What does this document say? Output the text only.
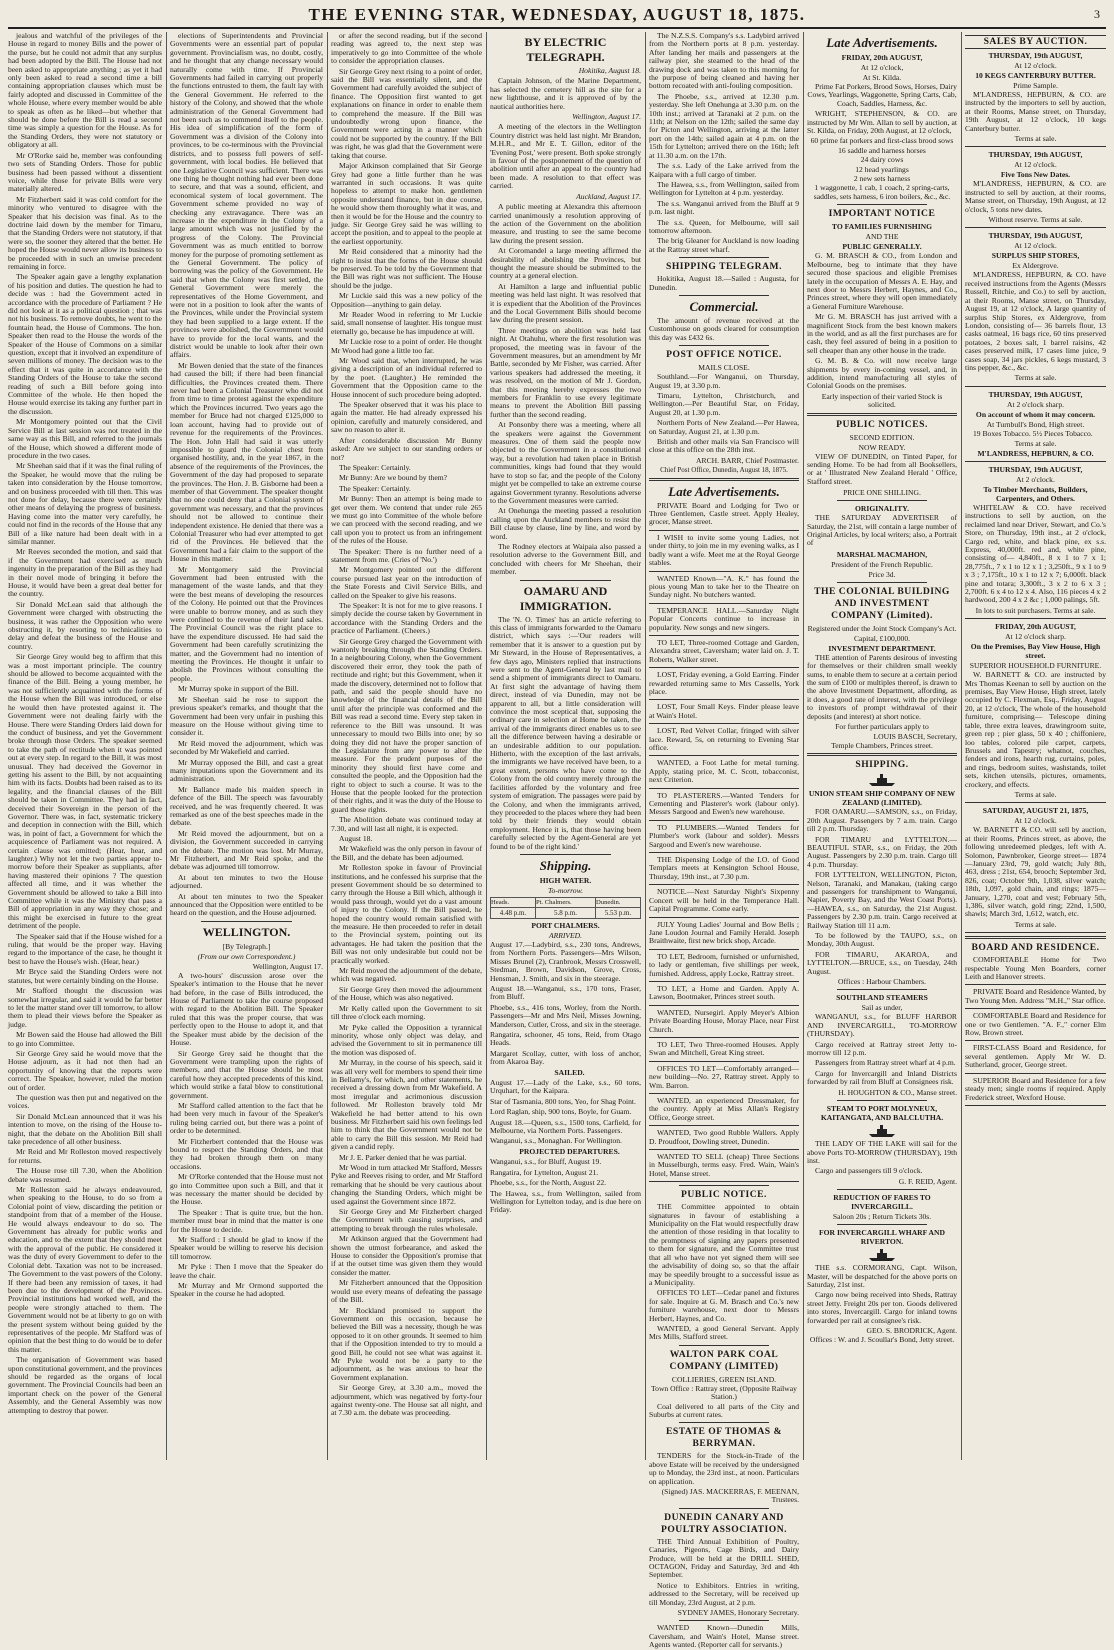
THE EVENING STAR, WEDNESDAY, AUGUST 18, 1875.	3

jealous and watchful of the privileges of the House in regard to money Bills and the power of the purse, but he could not admit that any surplus had been adopted by the Bill. The House had not been asked to appropriate anything ; as yet it had only been asked to read a second time a bill containing appropriation clauses which must be fairly adopted and discussed in Committee of the whole House, where every member would be able to speak as often as he liked—but whether that should be done before the Bill is read a second time was simply a question for the House. As for the Standing Orders, they were not statutory or obligatory at all.

Mr O'Rorke said he, member was confounding two sets of Standing Orders. Those for public business had been passed without a dissentient voice, while those for private Bills were very materially altered.

Mr Fitzherbert said it was cold comfort for the minority who ventured to disagree with the Speaker that his decision was final. As to the doctrine laid down by the member for Timaru, that the Standing Orders were not statutory, if that were so, the sooner they altered that the better. He hoped the House would never allow its business to be proceeded with in such an unwise precedent remaining in force.

The Speaker again gave a lengthy explanation of his position and duties. The question he had to decide was : had the Government acted in accordance with the procedure of Parliament ? He did not look at it as a political question ; that was not his business. To remove doubts, he went to the fountain head, the House of Commons. The hon. Speaker then read to the House the words of the Speaker of the House of Commons on a similar question, except that it involved an expenditure of seven millions of money. The decision was to the effect that it was quite in accordance with the Standing Orders of the House to take the second reading of such a Bill before going into Committee of the whole. He then hoped the House would exercise its taking any further part in the discussion.

Mr Montgomery pointed out that the Civil Service Bill at last session was not treated in the same way as this Bill, and referred to the journals of the House, which showed a different mode of procedure in the two cases.

Mr Sheehan said that if it was the final ruling of the Speaker, he would move that the ruling be taken into consideration by the House tomorrow, and on business proceeded with till then. This was not done for delay, because there were certainly other means of delaying the progress of business. Having come into the matter very carefully, he could not find in the records of the House that any Bill of a like nature had been dealt with in a similar manner.

Mr Reeves seconded the motion, and said that if the Government had exercised as much ingenuity in the preparation of the Bill as they had in their novel mode of bringing it before the House, it would have been a great deal better for the country.

Sir Donald McLean said that although the Government were charged with obstructing the business, it was rather the Opposition who were obstructing it, by resorting to technicalities to delay and defeat the business of the House and country.

Sir George Grey would beg to affirm that this was a most important principle. The country should be allowed to become acquainted with the finance of the Bill. Being a young member, he was not sufficiently acquainted with the forms of the House when the Bill was introduced, or else he would then have protested against it. The Government were not dealing fairly with the House. There were Standing Orders laid down for the conduct of business, and yet the Government broke through those Orders. The speaker seemed to take the path of rectitude when it was pointed out at every step. In regard to the Bill, it was most unusual. They had deceived the Governor in getting his assent to the Bill, by not acquainting him with its facts. Doubts had been raised as to its legality, and the financial clauses of the Bill should be taken in Committee. They had in fact, deceived their Sovereign in the person of the Governor. There was, in fact, systematic trickery and deception in connection with the Bill, which was, in point of fact, a Government for which the acquiescence of Parliament was not required. A certain clause was omitted; (Hear, hear, and laughter.) Why not let the two parties appear to-morrow before their Speaker as suppliants, after having mastered their opinions ? The question affected all time, and it was whether the Government should be allowed to take a Bill into Committee while it was the Ministry that pass a Bill of appropriation in any way they chose; and this might be exercised in future to the great detriment of the people.

The Speaker said that if the House wished for a ruling, that would be the proper way. Having regard to the importance of the case, he thought it best to have the House's wish. (Hear, hear.)

Mr Bryce said the Standing Orders were not statutes, but were certainly binding on the House.

Mr Stafford thought the discussion was somewhat irregular, and said it would be far better to let the matter stand over till tomorrow, to allow them to plead their views before the Speaker as judge.

Mr Bowen said the House had allowed the Bill to go into Committee.

Sir George Grey said he would move that the House adjourn, as it had not then had an opportunity of knowing that the reports were correct. The Speaker, however, ruled the motion out of order.

The question was then put and negatived on the voices.

Sir Donald McLean announced that it was his intention to move, on the rising of the House to-night, that the debate on the Abolition Bill shall take precedence of all other business.

Mr Reid and Mr Rolleston moved respectively for returns.

The House rose till 7.30, when the Abolition debate was resumed.

Mr Rolleston said he always endeavoured, when speaking to the House, to do so from a Colonial point of view, discarding the petition or standpoint from that of a member of the House. He would always endeavour to do so. The Government has already for public works and education, and to the extent that they should meet with the approval of the public. He considered it was the duty of every Government to defer to the Colonial debt. Taxation was not to be increased. The Government to the vast powers of the Colony. If there had been any remission of taxes, it had been due to the development of the Provinces. Provincial institutions had worked well, and the people were strongly attached to them. The Government would not be at liberty to go on with the present system without being guided by the representatives of the people. Mr Stafford was of opinion that the best thing to do would be to defer this matter.

The organisation of Government was based upon constitutional government, and the provinces should be regarded as the organs of local government. The Provincial Councils had been an important check on the power of the General Assembly, and the General Assembly was now attempting to destroy that power.

elections of Superintendents and Provincial Governments were an essential part of popular government. Provincialism was, no doubt, costly, and he thought that any change necessary would naturally come with time. If Provincial Governments had failed in carrying out properly the functions entrusted to them, the fault lay with the General Government. He referred to the history of the Colony, and showed that the whole administration of the General Government had not been such as to commend itself to the people. His idea of simplification of the form of Government was a division of the Colony into provinces, to be co-terminous with the Provincial districts, and to possess full powers of self-government, with local bodies. He believed that one Legislative Council was sufficient. There was one thing he thought nothing had ever been done to secure, and that was a sound, efficient, and economical system of local government. The Government scheme provided no way of checking any extravagance. There was an increase in the expenditure in the Colony of a large amount which was not justified by the progress of the Colony. The Provincial Government was as much entitled to borrow money for the purpose of promoting settlement as the General Government. The policy of borrowing was the policy of the Government. He said that when the Colony was first settled, the General Government were merely the representatives of the Home Government, and were not in a position to look after the wants of the Provinces, while under the Provincial system they had been supplied to a large extent. If the provinces were abolished, the Government would have to provide for the local wants, and the district would be unable to look after their own affairs.

Mr Bowen denied that the state of the finances had caused the bill; if there had been financial difficulties, the Provinces created them. There never had been a Colonial Treasurer who did not from time to time protest against the expenditure which the Provinces incurred. Two years ago the member for Bruce had not charged £125,000 to loan account, having had to provide out of revenue for the requirements of the Provinces. The Hon. John Hall had said it was utterly impossible to guard the Colonial chest from organised hostility, and, in the year 1867, in the absence of the requirements of the Provinces, the Government of the day had proposed to separate the provinces. The Hon. J. B. Gisborne had been a member of that Government. The speaker thought that no one could deny that a Colonial system of government was necessary, and that the provinces should not be allowed to continue their independent existence. He denied that there was a Colonial Treasurer who had ever attempted to get rid of the Provinces. He believed that the Government had a fair claim to the support of the House in this matter.

Mr Montgomery said the Provincial Government had been entrusted with the management of the waste lands, and that they were the best means of developing the resources of the Colony. He pointed out that the Provinces were unable to borrow money, and as such they were confined to the revenue of their land sales. The Provincial Council was the right place to have the expenditure discussed. He had said the Government had been carefully scrutinizing the matter, and the Government had no intention of meeting the Provinces. He thought it unfair to abolish the Provinces without consulting the people.

Mr Murray spoke in support of the Bill.

Mr Sheehan said he rose to support the previous speaker's remarks, and thought that the Government had been very unfair in pushing this measure on the House without giving time to consider it.

Mr Reid moved the adjournment, which was seconded by Mr Wakefield and carried.

Mr Murray opposed the Bill, and cast a great many imputations upon the Government and its administration.

Mr Ballance made his maiden speech in defence of the Bill. The speech was favourably received, and he was frequently cheered. It was remarked as one of the best speeches made in the debate.

Mr Reid moved the adjournment, but on a division, the Government succeeded in carrying on the debate. The motion was lost. Mr Murray, Mr Fitzherbert, and Mr Reid spoke, and the debate was adjourned till tomorrow.

At about ten minutes to two the House adjourned.

At about ten minutes to two the Speaker announced that the Opposition were entitled to be heard on the question, and the House adjourned.

WELLINGTON.
[By Telegraph.]
(From our own Correspondent.)
Wellington, August 17.

A two-hours' discussion arose over the Speaker's intimation to the House that he never had before, in the case of Bills introduced, the House of Parliament to take the course proposed with regard to the Abolition Bill. The Speaker ruled that this was the proper course, that was perfectly open to the House to adopt it, and that the Speaker must abide by the decision of the House.

Sir George Grey said he thought that the Government were trampling upon the rights of members, and that the House should be most careful how they accepted precedents of this kind, which would strike a fatal blow to constitutional government.

Mr Stafford called attention to the fact that he had been very much in favour of the Speaker's ruling being carried out, but there was a point of order to be determined.

Mr Fitzherbert contended that the House was bound to respect the Standing Orders, and that they had broken through them on many occasions.

Mr O'Rorke contended that the House must not go into Committee upon such a Bill, and that it was necessary the matter should be decided by the House.

The Speaker : That is quite true, but the hon. member must bear in mind that the matter is one for the House to decide.

Mr Stafford : I should be glad to know if the Speaker would be willing to reserve his decision till tomorrow.

Mr Pyke : Then I move that the Speaker do leave the chair.

Mr Murray and Mr Ormond supported the Speaker in the course he had adopted.

or after the second reading, but if the second reading was agreed to, the next step was imperatively to go into Committee of the whole to consider the appropriation clauses.

Sir George Grey next rising to a point of order, said the Bill was essentially silent, and the Government had carefully avoided the subject of finance. The Opposition first wanted to get explanations on finance in order to enable them to comprehend the measure. If the Bill was undoubtedly wrong upon finance, the Government were acting in a manner which could not be supported by the country. If the Bill was right, he was glad that the Government were taking that course.

Major Atkinson complained that Sir George Grey had gone a little further than he was warranted in such occasions. It was quite hopeless to attempt to make hon. gentlemen opposite understand finance, but in due course, he would show them thoroughly what it was, and then it would be for the House and the country to judge. Sir George Grey said he was willing to accept the position, and to appeal to the people at the earliest opportunity.

Mr Reid considered that a minority had the right to insist that the forms of the House should be preserved. To be told by the Government that the Bill was right was not sufficient. The House should be the judge.

Mr Luckie said this was a new policy of the Opposition—anything to gain delay.

Mr Reader Wood in referring to Mr Luckie said, small nonsense of laughter. His tongue must eternally go, because he has impudence at will.

Mr Luckie rose to a point of order. He thought Mr Wood had gone a little too far.

Mr Wood said that, when interrupted, he was giving a description of an individual referred to by the poet. (Laughter.) He reminded the Government that the Opposition came to the House innocent of such procedure being adopted.

The Speaker observed that it was his place to again the matter. He had already expressed his opinion, carefully and maturely considered, and saw no reason to alter it.

After considerable discussion Mr Bunny asked: Are we subject to our standing orders or not?

The Speaker: Certainly.

Mr Bunny: Are we bound by them?

The Speaker: Certainly.

Mr Bunny: Then an attempt is being made to get over them. We contend that under rule 265 we must go into Committee of the whole before we can proceed with the second reading, and we call upon you to protect us from an infringement of the rules of the House.

The Speaker: There is no further need of a statement from me. (Cries of 'No.')

Mr Montgomery pointed out the different course pursued last year on the introduction of the State Forests and Civil Service Bills, and called on the Speaker to give his reasons.

The Speaker: It is not for me to give reasons. I simply decide the course taken by Government in accordance with the Standing Orders and the practice of Parliament. (Cheers.)

Sir George Grey charged the Government with wantonly breaking through the Standing Orders. In a neighbouring Colony, when the Government discovered their error, they took the path of rectitude and right; but this Government, when it made the discovery, determined not to follow that path, and said the people should have no knowledge of the financial details of the Bill until after the principle was conformed and the Bill was read a second time. Every step taken in reference to the Bill was unsound. It was unnecessary to mould two Bills into one; by so doing they did not have the proper sanction of the Legislature from any power to alter the measure. For the prudent purposes of the minority they should first have come and consulted the people, and the Opposition had the right to object to such a course. It was to the House that the people looked for the protection of their rights, and it was the duty of the House to guard those rights.

The Abolition debate was continued today at 7.30, and will last all night, it is expected.

August 18.

Mr Wakefield was the only person in favour of the Bill, and the debate has been adjourned.

Mr Rolleston spoke in favour of Provincial institutions, and he confessed his surprise that the present Government should be so determined to carry through the House a Bill which, although it would pass through, would yet do a vast amount of injury to the Colony. If the Bill passed, he hoped the country would remain satisfied with the measure. He then proceeded to refer in detail to the Provincial system, pointing out its advantages. He had taken the position that the Bill was not only undesirable but could not be practically worked.

Mr Reid moved the adjournment of the debate, which was negatived.

Sir George Grey then moved the adjournment of the House, which was also negatived.

Mr Kelly called upon the Government to sit till three o'clock each morning.

Mr Pyke called the Opposition a tyrannical minority, whose only object was delay, and advised the Government to sit in permanence till the motion was disposed of.

Mr Murray, in the course of his speech, said it was all very well for members to spend their time in Bellamy's, for which, and other statements, he received a dressing down from Mr Wakefield. A most irregular and acrimonious discussion followed. Mr Rolleston bravely told Mr Wakefield he had better attend to his own business. Mr Fitzherbert said his own feelings led him to think that the Government would not be able to carry the Bill this session. Mr Reid had given a candid reply.

Mr J. E. Parker denied that he was partial.

Mr Wood in turn attacked Mr Stafford, Messrs Pyke and Reeves rising to order, and Mr Stafford remarking that he should be very cautious about changing the Standing Orders, which might be used against the Government since 1872.

Sir George Grey and Mr Fitzherbert charged the Government with causing surprises, and attempting to break through the rules wholesale.

Mr Atkinson argued that the Government had shown the utmost forbearance, and asked the House to consider the Opposition's promise that if at the outset time was given them they would consider the matter.

Mr Fitzherbert announced that the Opposition would use every means of defeating the passage of the Bill.

Mr Rockland promised to support the Government on this occasion, because he believed the Bill was a necessity, though he was opposed to it on other grounds. It seemed to him that if the Opposition intended to try to mould a good Bill, he could not see what was against it. Mr Pyke would not be a party to the adjournment, as he was anxious to hear the Government explanation.

Sir George Grey, at 3.30 a.m., moved the adjournment, which was negatived by forty-four against twenty-one. The House sat all night, and at 7.30 a.m. the debate was proceeding.

BY ELECTRIC TELEGRAPH.

Hokitika, August 18.

Captain Johnson, of the Marine Department, has selected the cemetery hill as the site for a new lighthouse, and it is approved of by the nautical authorities here.

Wellington, August 17.

A meeting of the electors in the Wellington Country district was held last night. Mr Brandon, M.H.R., and Mr E. T. Gillon, editor of the 'Evening Post,' were present. Both spoke strongly in favour of the postponement of the question of abolition until after an appeal to the country had been made. A resolution to that effect was carried.

Auckland, August 17.

A public meeting at Alexandra this afternoon carried unanimously a resolution approving of the action of the Government on the abolition measure, and trusting to see the same become law during the present session.

At Coromandel a large meeting affirmed the desirability of abolishing the Provinces, but thought the measure should be submitted to the country at a general election.

At Hamilton a large and influential public meeting was held last night. It was resolved that it is expedient that the Abolition of the Provinces and the Local Government Bills should become law during the present session.

Three meetings on abolition was held last night. At Otahuhu, where the first resolution was proposed, the meeting was in favour of the Government measures, but an amendment by Mr Battle, seconded by Mr Fisher, was carried. After various speakers had addressed the meeting, it was resolved, on the motion of Mr J. Gordon, that this meeting hereby expresses the two members for Franklin to use every legitimate means to prevent the Abolition Bill passing further than the second reading.

At Ponsonby there was a meeting, where all the speakers were against the Government measures. One of them said the people now objected to the Government in a constitutional way, but a revolution had taken place in British communities, kings had found that they would have to stop so far, and the people of the Colony might yet be compelled to take an extreme course against Government tyranny. Resolutions adverse to the Government measures were carried.

At Onehunga the meeting passed a resolution calling upon the Auckland members to resist the Bill clause by clause, line by line, and word by word.

The Rodney electors at Waipaia also passed a resolution adverse to the Government Bill, and concluded with cheers for Mr Sheehan, their member.

OAMARU AND IMMIGRATION.

The 'N. O. Times' has an article referring to this class of immigrants forwarded to the Oamaru district, which says :—'Our readers will remember that it is answer to a question put by Mr Steward, in the House of Representatives, a few days ago, Ministers replied that instructions were sent to the Agent-General by last mail to send a shipment of immigrants direct to Oamaru. At first sight the advantage of having them direct, instead of via Dunedin, may not be apparent to all, but a little consideration will convince the most sceptical that, supposing the ordinary care in selection at Home be taken, the arrival of the immigrants direct enables us to see all the difference between having a desirable or an undesirable addition to our population. Hitherto, with the exception of the last arrivals, the immigrants we have received have been, to a great extent, persons who have come to the Colony from the old country merely through the facilities afforded by the voluntary and free system of emigration. The passages were paid by the Colony, and when the immigrants arrived, they proceeded to the places where they had been told by their friends they would obtain employment. Hence it is, that those having been carefully selected by the Agent-General are yet found to be of the right kind.'

Shipping.
HIGH WATER.
To-morrow.
Heads.	Pt. Chalmers.	Dunedin.
4.48 p.m.	5.8 p.m.	5.53 p.m.
PORT CHALMERS.
ARRIVED.

August 17.—Ladybird, s.s., 230 tons, Andrews, from Northern Ports. Passengers—Mrs Wilson, Misses Brunel (2), Cranbrook, Messrs Crosswell, Stedman, Brown, Davidson, Grove, Cross, Hensman, J. Smith, and six in the steerage.

August 18.—Wanganui, s.s., 170 tons, Fraser, from Bluff.

Phoebe, s.s., 416 tons, Worley, from the North. Passengers—Mr and Mrs Neil, Misses Jowning, Manderson, Cutler, Cross, and six in the steerage.

Rangatira, schooner, 45 tons, Reid, from Otago Heads.

Margaret Scollay, cutter, with loss of anchor, from Akaroa Bay.

SAILED.

August 17.—Lady of the Lake, s.s., 60 tons, Urquhart, for the Kaipara.

Star of Tasmania, 800 tons, Yeo, for Shag Point.

Lord Raglan, ship, 900 tons, Boyle, for Guam.

August 18.—Queen, s.s., 1500 tons, Carfield, for Melbourne, via Northern Ports. Passengers.

Wanganui, s.s., Monaghan. For Wellington.

PROJECTED DEPARTURES.

Wanganui, s.s., for Bluff, August 19.

Rangatira, for Lyttelton, August 21.

Phoebe, s.s., for the North, August 22.

The Hawea, s.s., from Wellington, sailed from Wellington for Lyttelton today, and is due here on Friday.

The N.Z.S.S. Company's s.s. Ladybird arrived from the Northern ports at 8 p.m. yesterday. After landing her mails and passengers at the railway pier, she steamed to the head of the drawing dock and was taken to this morning for the purpose of being cleaned and having her bottom recoated with anti-fouling composition.

The Phoebe, s.s., arrived at 12.30 p.m. yesterday. She left Onehunga at 3.30 p.m. on the 10th inst.; arrived at Taranaki at 2 p.m. on the 11th; at Nelson on the 12th; sailed the same day for Picton and Wellington, arriving at the latter port on the 14th; sailed again at 4 p.m. on the 15th for Lyttelton; arrived there on the 16th; left at 11.30 a.m. on the 17th.

The s.s. Lady of the Lake arrived from the Kaipara with a full cargo of timber.

The Hawea, s.s., from Wellington, sailed from Wellington for Lyttelton at 4 p.m. yesterday.

The s.s. Wanganui arrived from the Bluff at 9 p.m. last night.

The s.s. Queen, for Melbourne, will sail tomorrow afternoon.

The brig Gleaner for Auckland is now loading at the Rattray street wharf.

SHIPPING TELEGRAM.

Hokitika, August 18.—Sailed : Augusta, for Dunedin.

Commercial.

The amount of revenue received at the Customhouse on goods cleared for consumption this day was £432 6s.

POST OFFICE NOTICE.
MAILS CLOSE.

Southland.—For Wanganui, on Thursday, August 19, at 3.30 p.m.

Timaru, Lyttelton, Christchurch, and Wellington.—Per Beautiful Star, on Friday, August 20, at 1.30 p.m.

Northern Ports of New Zealand.—Per Hawea, on Saturday, August 21, at 1.30 p.m.

British and other mails via San Francisco will close at this office on the 28th inst.

ARCH. BARR, Chief Postmaster.
Chief Post Office, Dunedin, August 18, 1875.
Late Advertisements.

PRIVATE Board and Lodging for Two or Three Gentlemen, Castle street. Apply Healey, grocer, Manse street.

I WISH to invite some young Ladies, not under thirty, to join me in my evening walks, as I badly want a wife. Meet me at the Royal George stables.

WANTED Known—"A. K." has found the pious young Man to take her to the Theatre on Sunday night. No butchers wanted.

TEMPERANCE HALL.—Saturday Night Popular Concerts continue to increase in popularity. New songs and new singers.

TO LET, Three-roomed Cottage and Garden, Alexandra street, Caversham; water laid on. J. T. Roberts, Walker street.

LOST, Friday evening, a Gold Earring. Finder rewarded returning same to Mrs Cassells, York place.

LOST, Four Small Keys. Finder please leave at Wain's Hotel.

LOST, Red Velvet Collar, fringed with silver lace. Reward, 5s, on returning to Evening Star office.

WANTED, a Foot Lathe for metal turning. Apply, stating price, M. C. Scott, tobacconist, next Criterion.

TO PLASTERERS.—Wanted Tenders for Cementing and Plasterer's work (labour only). Messrs Sargood and Ewen's new warehouse.

TO PLUMBERS.—Wanted Tenders for Plumber's work (labour and solder). Messrs Sargood and Ewen's new warehouse.

THE Dispensing Lodge of the I.O. of Good Templars meets at Kensington School House, Thursday, 19th inst., at 7.30 p.m.

NOTICE.—Next Saturday Night's Sixpenny Concert will be held in the Temperance Hall. Capital Programme. Come early.

JULY Young Ladies' Journal and Bow Bells ; Jane Loudon Journal and Family Herald. Joseph Braithwaite, first new brick shop, Arcade.

TO LET, Bedroom, furnished or unfurnished, to lady or gentleman, five shillings per week, furnished. Address, apply Locke, Rattray street.

TO LET, a Home and Garden. Apply A. Lawson, Bootmaker, Princes street south.

WANTED, Nursegirl. Apply Meyer's Albion Private Boarding House, Moray Place, near First Church.

TO LET, Two Three-roomed Houses. Apply Swan and Mitchell, Great King street.

OFFICES TO LET—Comfortably arranged—new building—No. 27, Rattray street. Apply to Wm. Barron.

WANTED, an experienced Dressmaker, for the country. Apply at Miss Allan's Registry Office, George street.

WANTED, Two good Rubble Wallers. Apply D. Proudfoot, Dowling street, Dunedin.

WANTED TO SELL (cheap) Three Sections in Musselburgh, terms easy. Fred. Wain, Wain's Hotel, Manse street.

PUBLIC NOTICE.

THE Committee appointed to obtain signatures in favour of establishing a Municipality on the Flat would respectfully draw the attention of those residing in that locality to the promptness of signing any papers presented to them for signature, and the Committee trust that all who have not yet signed them will see the advisability of doing so, so that the affair may be speedily brought to a successful issue as a Municipality.

OFFICES TO LET—Cedar panel and fixtures for sale. Inquire at G. M. Brasch and Co.'s new furniture warehouse, next door to Messrs Herbert, Haynes, and Co.

WANTED, a good General Servant. Apply Mrs Mills, Stafford street.

WALTON PARK COAL COMPANY (LIMITED)
COLLIERIES, GREEN ISLAND.
Town Office : Rattray street, (Opposite Railway Station.)

Coal delivered to all parts of the City and Suburbs at current rates.

ESTATE OF THOMAS & BERRYMAN.

TENDERS for the Stock-in-Trade of the above Estate will be received by the undersigned up to Monday, the 23rd inst., at noon. Particulars on application.

(Signed) JAS. MACKERRAS, F. MEENAN, Trustees.
DUNEDIN CANARY AND POULTRY ASSOCIATION.

THE Third Annual Exhibition of Poultry, Canaries, Pigeons, Cage Birds, and Dairy Produce, will be held at the DRILL SHED, OCTAGON, Friday and Saturday, 3rd and 4th September.

Notice to Exhibitors. Entries in writing, addressed to the Secretary, will be received up till Monday, 23rd August, at 2 p.m.

SYDNEY JAMES, Honorary Secretary.

WANTED Known—Dunedin Mills, Caversham, and Wain's Hotel, Manse street. Agents wanted. (Reporter call for servants.)

Late Advertisements.
FRIDAY, 20th AUGUST,
At 12 o'clock,
At St. Kilda.

Prime Fat Porkers, Brood Sows, Horses, Dairy Cows, Yearlings, Waggonette, Spring Carts, Cab, Coach, Saddles, Harness, &c.

WRIGHT, STEPHENSON, & CO. are instructed by Mr Wm. Allan to sell by auction, at St. Kilda, on Friday, 20th August, at 12 o'clock,

60 prime fat porkers and first-class brood sows
16 saddle and harness horses
24 dairy cows
12 head yearlings
2 new sets harness
1 waggonette, 1 cab, 1 coach, 2 spring-carts, saddles, sets harness, 6 iron boilers, &c., &c.
IMPORTANT NOTICE
TO FAMILIES FURNISHING
AND THE
PUBLIC GENERALLY.

G. M. BRASCH & CO., from London and Melbourne, beg to intimate that they have secured those spacious and eligible Premises lately in the occupation of Messrs A. E. Hay, and next door to Messrs Herbert, Haynes, and Co., Princes street, where they will open immediately a General Furniture Warehouse.

Mr G. M. BRASCH has just arrived with a magnificent Stock from the best known makers in the world, and as all the first purchases are for cash, they feel assured of being in a position to sell cheaper than any other house in the trade.

G. M. B. & Co. will now receive large shipments by every in-coming vessel, and, in addition, intend manufacturing all styles of Colonial Goods on the premises.

Early inspection of their varied Stock is solicited.
PUBLIC NOTICES.
SECOND EDITION.
NOW READY.

VIEW OF DUNEDIN, on Tinted Paper, for sending Home. To be had from all Booksellers, or at ' Illustrated New Zealand Herald ' Office, Stafford street.

PRICE ONE SHILLING.
ORIGINALITY.

THE SATURDAY ADVERTISER of Saturday, the 21st, will contain a large number of Original Articles, by local writers; also, a Portrait of

MARSHAL MACMAHON,
President of the French Republic.
Price 3d.
THE COLONIAL BUILDING AND INVESTMENT COMPANY (Limited).
Registered under the Joint Stock Company's Act.
Capital, £100,000.
INVESTMENT DEPARTMENT.

THE attention of Parents desirous of investing for themselves or their children small weekly sums, to enable them to secure at a certain period the sum of £100 or multiples thereof, is drawn to the above Investment Department, affording, as it does, a good rate of interest, with the privilege to investors of prompt withdrawal of their deposits (and interest) at short notice.

For further particulars apply to
LOUIS BASCH, Secretary,
Temple Chambers, Princes street.
SHIPPING.
UNION STEAM SHIP COMPANY OF NEW ZEALAND (LIMITED).

FOR OAMARU.—SAMSON, s.s., on Friday, 20th August. Passengers by 7 a.m. train. Cargo till 2 p.m. Thursday.

FOR TIMARU and LYTTELTON.—BEAUTIFUL STAR, s.s., on Friday, the 20th August. Passengers by 2.30 p.m. train. Cargo till 4 p.m. Thursday.

FOR LYTTELTON, WELLINGTON, Picton, Nelson, Taranaki, and Manakau, (taking cargo and passengers for transhipment to Wanganui, Napier, Poverty Bay, and the West Coast Ports).—HAWEA, s.s., on Saturday, the 21st August. Passengers by 2.30 p.m. train. Cargo received at Railway Station till 11 a.m.

To be followed by the TAUPO, s.s., on Monday, 30th August.

FOR TIMARU, AKAROA, and LYTTELTON.—BRUCE, s.s., on Tuesday, 24th August.

Offices : Harbour Chambers.
SOUTHLAND STEAMERS
Sail as under,

WANGANUI, s.s., for BLUFF HARBOR AND INVERCARGILL, TO-MORROW (THURSDAY).

Cargo received at Rattray street Jetty to-morrow till 12 p.m.

Passengers from Rattray street wharf at 4 p.m.

Cargo for Invercargill and Inland Districts forwarded by rail from Bluff at Consignees risk.

H. HOUGHTON & CO., Manse street.
STEAM TO PORT MOLYNEUX, KAITANGATA, AND BALCLUTHA.

THE LADY OF THE LAKE will sail for the above Ports TO-MORROW (THURSDAY), 19th inst.

Cargo and passengers till 9 o'clock.

G. F. REID, Agent.
REDUCTION OF FARES TO INVERCARGILL.
Saloon 20s ; Return Tickets 30s.
FOR INVERCARGILL WHARF AND RIVERTON.

THE s.s. CORMORANG, Capt. Wilson, Master, will be despatched for the above ports on Saturday, 21st inst.

Cargo now being received into Sheds, Rattray street Jetty. Freight 20s per ton. Goods delivered into stores, Invercargill. Cargo for inland towns forwarded per rail at consignee's risk.

GEO. S. BRODRICK, Agent.
Offices : W. and J. Scoullar's Bond, Jetty street.
SALES BY AUCTION.
THURSDAY, 19th AUGUST,
At 12 o'clock.
10 KEGS CANTERBURY BUTTER.
Prime Sample.

M'LANDRESS, HEPBURN, & CO. are instructed by the importers to sell by auction, at their Rooms, Manse street, on Thursday, 19th August, at 12 o'clock, 10 kegs Canterbury butter.

Terms at sale.
THURSDAY, 19th AUGUST,
At 12 o'clock.
Five Tons New Dates.

M'LANDRESS, HEPBURN, & CO. are instructed to sell by auction, at their rooms, Manse street, on Thursday, 19th August, at 12 o'clock, 5 tons new dates.

Without reserve. Terms at sale.
THURSDAY, 19th AUGUST,
At 12 o'clock.
SURPLUS SHIP STORES,
Ex Aldergrove.

M'LANDRESS, HEPBURN, & CO. have received instructions from the Agents (Messrs Russell, Ritchie, and Co.) to sell by auction, at their Rooms, Manse street, on Thursday, August 19, at 12 o'clock, A large quantity of surplus Ship Stores, ex Aldergrove, from London, consisting of— 36 barrels flour, 13 casks oatmeal, 16 bags rice, 60 tins preserved potatoes, 2 boxes salt, 1 barrel raisins, 42 cases preserved milk, 17 cases lime juice, 9 cases soap, 34 jars pickles, 6 kegs mustard, 3 tins pepper, &c., &c.

Terms at sale.
THURSDAY, 19th AUGUST,
At 2 o'clock sharp.
On account of whom it may concern.
At Turnbull's Bond, High street.

19 Boxes Tobacco. 5½ Pieces Tobacco.

Terms at sale.
M'LANDRESS, HEPBURN, & CO.
THURSDAY, 19th AUGUST,
At 2 o'clock.
To Timber Merchants, Builders, Carpenters, and Others.

WHITELAW & CO. have received instructions to sell by auction, on the reclaimed land near Driver, Stewart, and Co.'s Store, on Thursday, 19th inst., at 2 o'clock, Cargo red, white, and black pine, ex s.s. Express, 40,000ft. red and, white pine, consisting of— 4,840ft., 8 x 1 to 7 x 1; 28,775ft., 7 x 1 to 12 x 1 ; 3,250ft., 9 x 1 to 9 x 3 ; 7,175ft., 10 x 1 to 12 x 7; 6,000ft. black pine and totara; 3,300ft., 3 x 2 to 6 x 3 ; 2,700ft. 6 x 4 to 12 x 4. Also, 116 pieces 4 x 2 hardwood, 200 4 x 2 &c ; 1,000 palings, 5ft.

In lots to suit purchasers. Terms at sale.
FRIDAY, 20th AUGUST,
At 12 o'clock sharp.
On the Premises, Bay View House, High street.
SUPERIOR HOUSEHOLD FURNITURE.

W. BARNETT & CO. are instructed by Mrs Thomas Keenan to sell by auction on the premises, Bay View House, High street, lately occupied by C. Flexman, Esq., Friday, August 20, at 12 o'clock, The whole of the household furniture, comprising— Telescope dining table, three extra leaves, drawingroom suite, green rep ; pier glass, 50 x 40 ; chiffoniere, loo tables, colored pile carpet, carpets, Brussels and Tapestry; whatnot, couches, fenders and irons, hearth rug, curtains, poles, and rings, bedroom suites, washstands, toilet sets, kitchen utensils, pictures, ornaments, crockery, and effects.

Terms at sale.
SATURDAY, AUGUST 21, 1875,
At 12 o'clock.

W. BARNETT & CO. will sell by auction, at their Rooms, Princes street, as above, the following unredeemed pledges, left with A. Solomon, Pawnbroker, George street— 1874—January 23rd, 79, gold watch; July 8th, 463, dress ; 21st, 654, brooch; September 3rd, 826, coat; October 9th, 1,038, silver watch; 18th, 1,097, gold chain, and rings; 1875—January, 1,270, coat and vest; February 5th, 1,386, silver watch, gold ring; 22nd, 1,500, shawls; March 3rd, 1,612, watch, etc.

Terms at sale.
BOARD AND RESIDENCE.

COMFORTABLE Home for Two respectable Young Men Boarders, corner Leith and Hanover streets.

PRIVATE Board and Residence Wanted, by Two Young Men. Address "M.H.," Star office.

COMFORTABLE Board and Residence for one or two Gentlemen. "A. F.," corner Elm Row, Brown street.

FIRST-CLASS Board and Residence, for several gentlemen. Apply Mr W. D. Sutherland, grocer, George street.

SUPERIOR Board and Residence for a few steady men; single rooms if required. Apply Frederick street, Wexford House.
